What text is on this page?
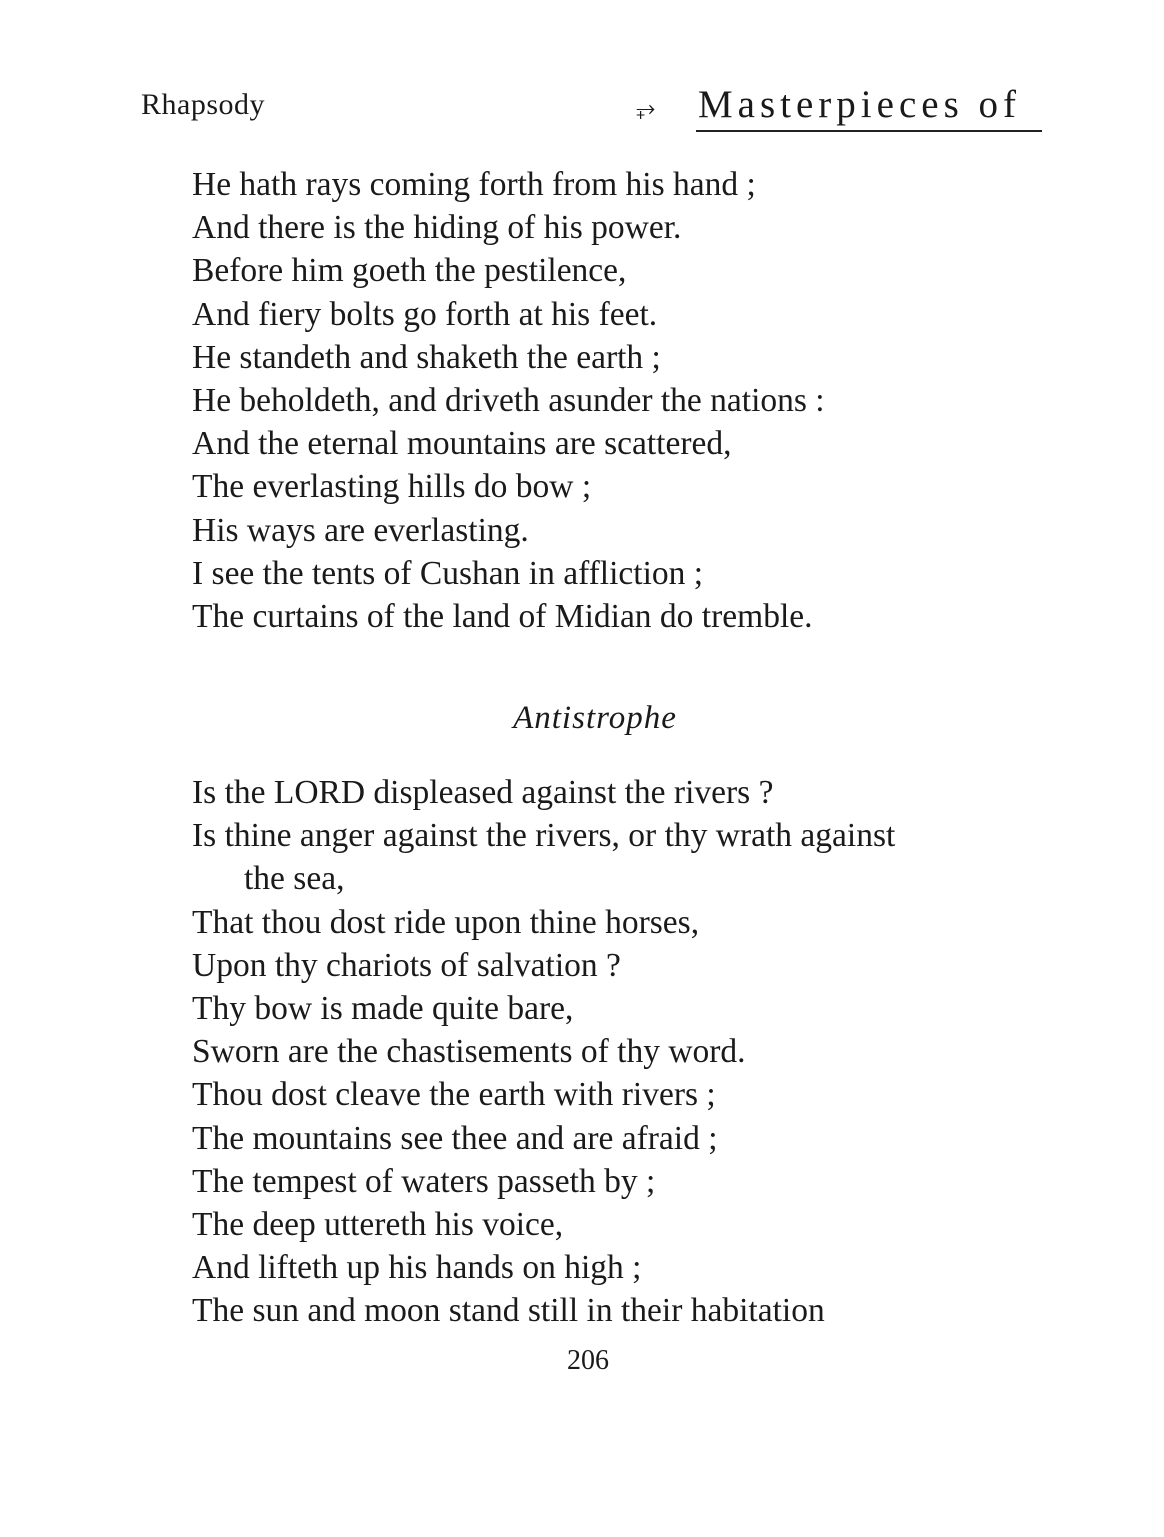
Rhapsody	⥅ Masterpieces of
He hath rays coming forth from his hand ;
And there is the hiding of his power.
Before him goeth the pestilence,
And fiery bolts go forth at his feet.
He standeth and shaketh the earth ;
He beholdeth, and driveth asunder the nations :
And the eternal mountains are scattered,
The everlasting hills do bow ;
His ways are everlasting.
I see the tents of Cushan in affliction ;
The curtains of the land of Midian do tremble.
Antistrophe
Is the LORD displeased against the rivers ?
Is thine anger against the rivers, or thy wrath against
the sea,
That thou dost ride upon thine horses,
Upon thy chariots of salvation ?
Thy bow is made quite bare,
Sworn are the chastisements of thy word.
Thou dost cleave the earth with rivers ;
The mountains see thee and are afraid ;
The tempest of waters passeth by ;
The deep uttereth his voice,
And lifteth up his hands on high ;
The sun and moon stand still in their habitation
206
